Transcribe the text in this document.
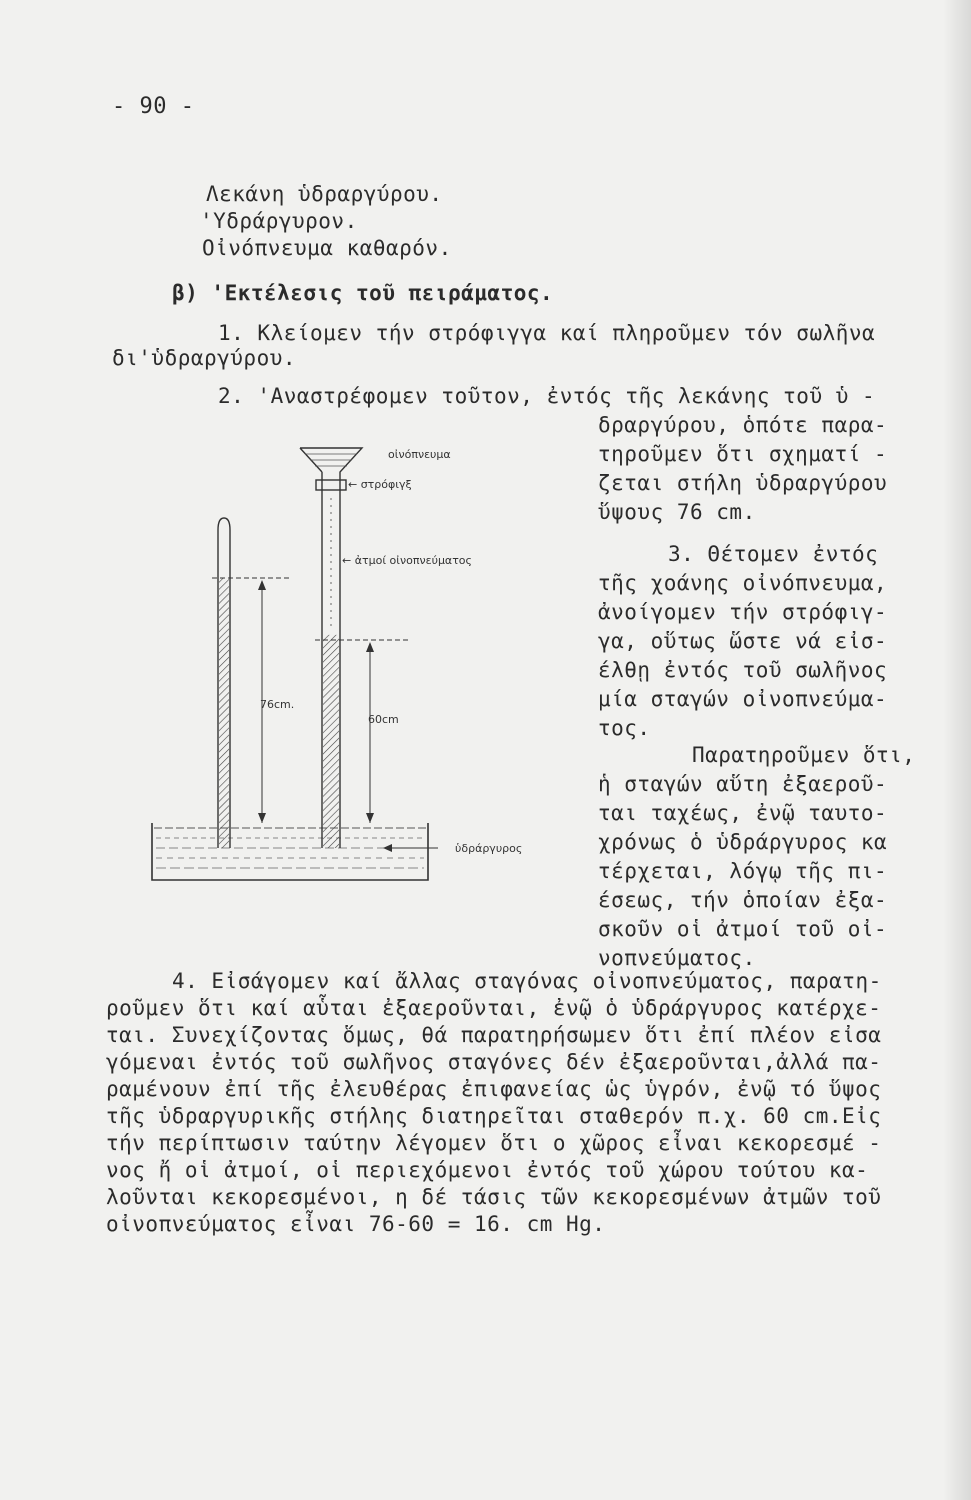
- 90 -
Λεκάνη ὑδραργύρου.
'Υδράργυρον.
Οἰνόπνευμα καθαρόν.
β) 'Εκτέλεσις τοῦ πειράματος.
1. Κλείομεν τήν στρόφιγγα καί πληροῦμεν τόν σωλῆνα
δι'ὑδραργύρου.
2. 'Αναστρέφομεν τοῦτον, ἐντός τῆς λεκάνης τοῦ ὑ -
δραργύρου, ὁπότε παρα-
τηροῦμεν ὅτι σχηματί -
ζεται στήλη ὑδραργύρου
ὕψους 76 cm.
3. Θέτομεν ἐντός
τῆς χοάνης οἰνόπνευμα,
ἀνοίγομεν τήν στρόφιγ-
γα, οὕτως ὥστε νά εἰσ-
έλθῃ ἐντός τοῦ σωλῆνος
μία σταγών οἰνοπνεύμα-
τος.
Παρατηροῦμεν ὅτι,
ἡ σταγών αὕτη ἐξαεροῦ-
ται ταχέως, ἐνῷ ταυτο-
χρόνως ὁ ὑδράργυρος κα
τέρχεται, λόγῳ τῆς πι-
έσεως, τήν ὁποίαν ἐξα-
σκοῦν οἱ ἀτμοί τοῦ οἰ-
νοπνεύματος.
4. Εἰσάγομεν καί ἄλλας σταγόνας οἰνοπνεύματος, παρατη-
ροῦμεν ὅτι καί αὗται ἐξαεροῦνται, ἐνῷ ὁ ὑδράργυρος κατέρχε-
ται. Συνεχίζοντας ὅμως, θά παρατηρήσωμεν ὅτι ἐπί πλέον εἰσα
γόμεναι ἐντός τοῦ σωλῆνος σταγόνες δέν ἐξαεροῦνται,ἀλλά πα-
ραμένουν ἐπί τῆς ἐλευθέρας ἐπιφανείας ὡς ὑγρόν, ἐνῷ τό ὕψος
τῆς ὑδραργυρικῆς στήλης διατηρεῖται σταθερόν π.χ. 60 cm.Εἰς
τήν περίπτωσιν ταύτην λέγομεν ὅτι ο χῶρος εἶναι κεκορεσμέ -
νος ἤ οἱ ἀτμοί, οἱ περιεχόμενοι ἐντός τοῦ χώρου τούτου κα-
λοῦνται κεκορεσμένοι, η δέ τάσις τῶν κεκορεσμένων ἀτμῶν τοῦ
οἰνοπνεύματος εἶναι 76-60 = 16. cm Hg.
οἰνόπνευμα
← στρόφιγξ
← ἀτμοί οἰνοπνεύματος
76cm.
60cm
ὑδράργυρος
